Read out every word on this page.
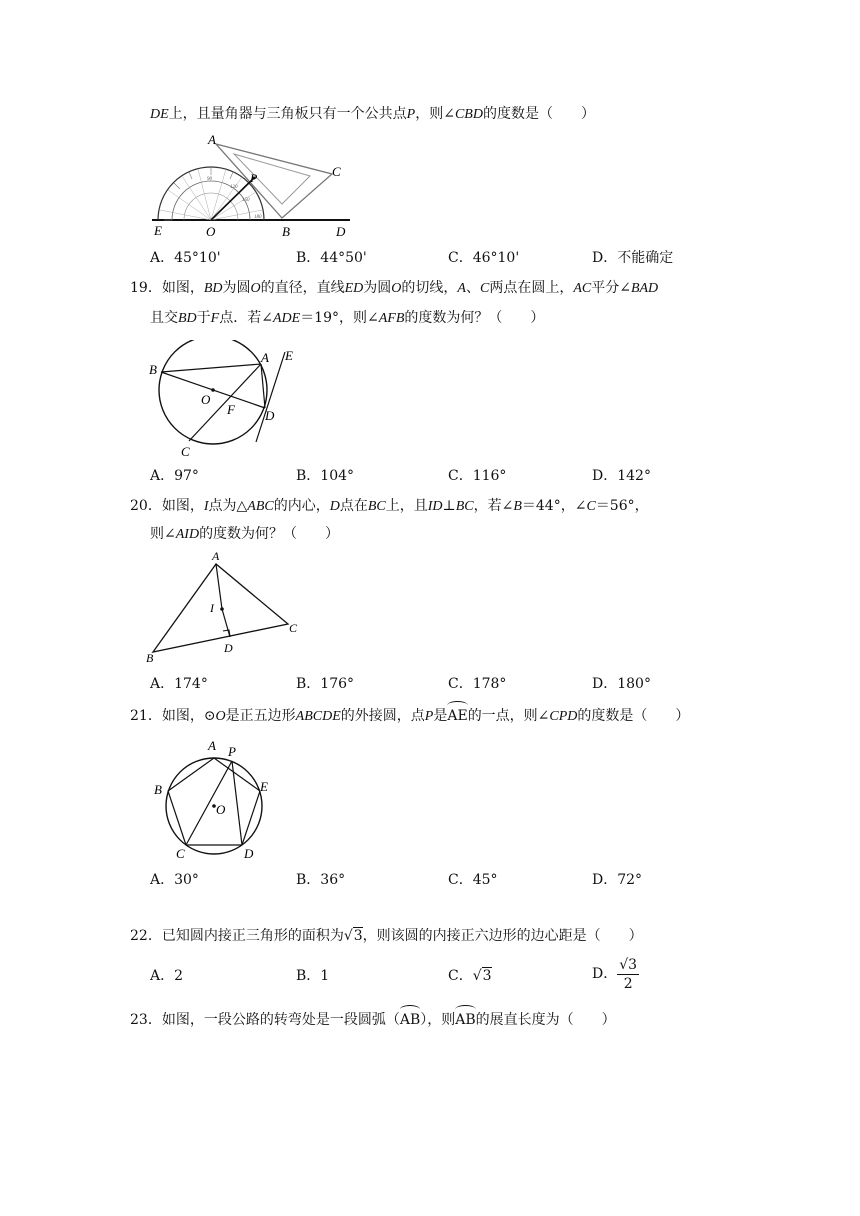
DE上，且量角器与三角板只有一个公共点P，则∠CBD的度数是（　　）
A
C
P
E	O	B	D
90
120
150
180
A．45°10'	B．44°50'	C．46°10'	D．不能确定
19．如图，BD为圆O的直径，直线ED为圆O的切线，A、C两点在圆上，AC平分∠BAD
且交BD于F点．若∠ADE＝19°，则∠AFB的度数为何？（　　）
B
A E
O
F D
C
A．97°	B．104°	C．116°	D．142°
20．如图，I点为△ABC的内心，D点在BC上，且ID⊥BC，若∠B＝44°，∠C＝56°，
则∠AID的度数为何？（　　）
A
I
B
D
C
A．174°	B．176°	C．178°	D．180°
21．如图，⊙O是正五边形ABCDE的外接圆，点P是AE的一点，则∠CPD的度数是（　　）
A P
B	E
O
C	D
A．30°	B．36°	C．45°	D．72°
22．已知圆内接正三角形的面积为√3，则该圆的内接正六边形的边心距是（　　）
A．2	B．1	C．√3	D． $\frac{√3}{2}$
23．如图，一段公路的转弯处是一段圆弧（AB），则AB的展直长度为（　　）
